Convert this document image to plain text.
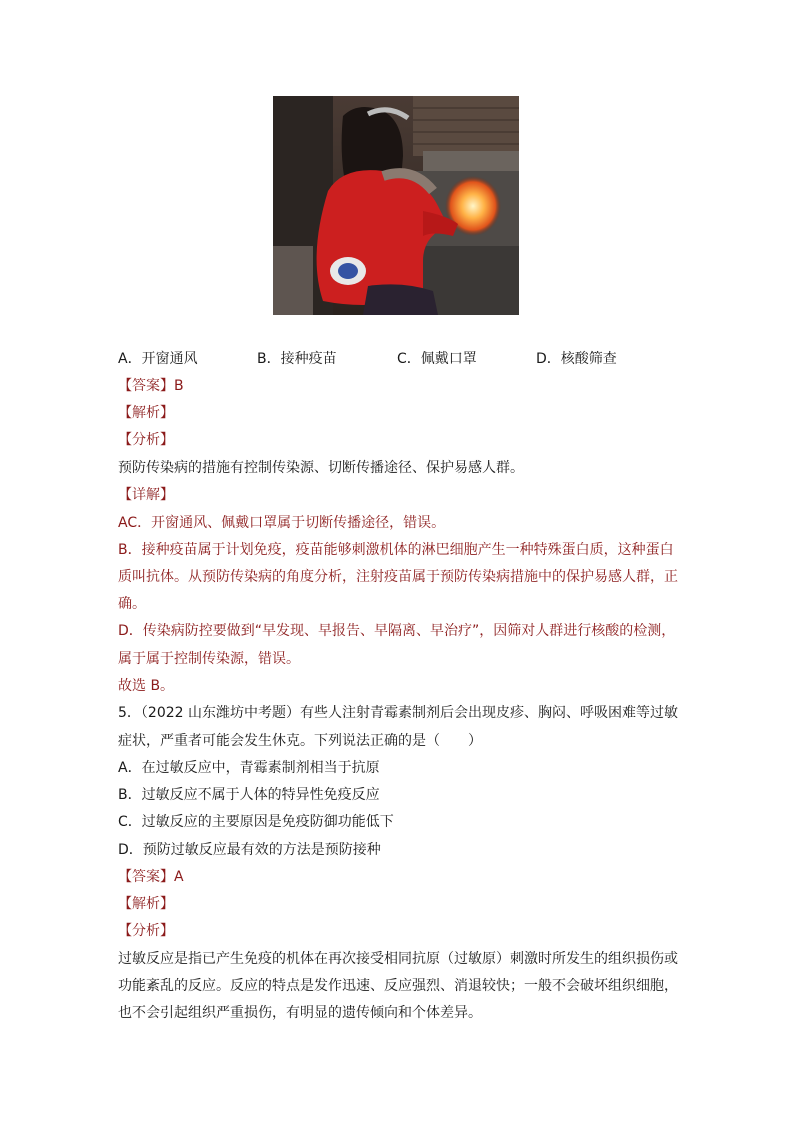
A．开窗通风	B．接种疫苗	C．佩戴口罩	D．核酸筛查
【答案】B
【解析】
【分析】
预防传染病的措施有控制传染源、切断传播途径、保护易感人群。
【详解】
AC．开窗通风、佩戴口罩属于切断传播途径，错误。
B．接种疫苗属于计划免疫，疫苗能够刺激机体的淋巴细胞产生一种特殊蛋白质，这种蛋白
质叫抗体。从预防传染病的角度分析，注射疫苗属于预防传染病措施中的保护易感人群，正
确。
D．传染病防控要做到“早发现、早报告、早隔离、早治疗”，因筛对人群进行核酸的检测，
属于属于控制传染源，错误。
故选 B。
5．（2022 山东潍坊中考题）有些人注射青霉素制剂后会出现皮疹、胸闷、呼吸困难等过敏
症状，严重者可能会发生休克。下列说法正确的是（　　）
A．在过敏反应中，青霉素制剂相当于抗原
B．过敏反应不属于人体的特异性免疫反应
C．过敏反应的主要原因是免疫防御功能低下
D．预防过敏反应最有效的方法是预防接种
【答案】A
【解析】
【分析】
过敏反应是指已产生免疫的机体在再次接受相同抗原（过敏原）刺激时所发生的组织损伤或
功能紊乱的反应。反应的特点是发作迅速、反应强烈、消退较快；一般不会破坏组织细胞，
也不会引起组织严重损伤，有明显的遗传倾向和个体差异。
